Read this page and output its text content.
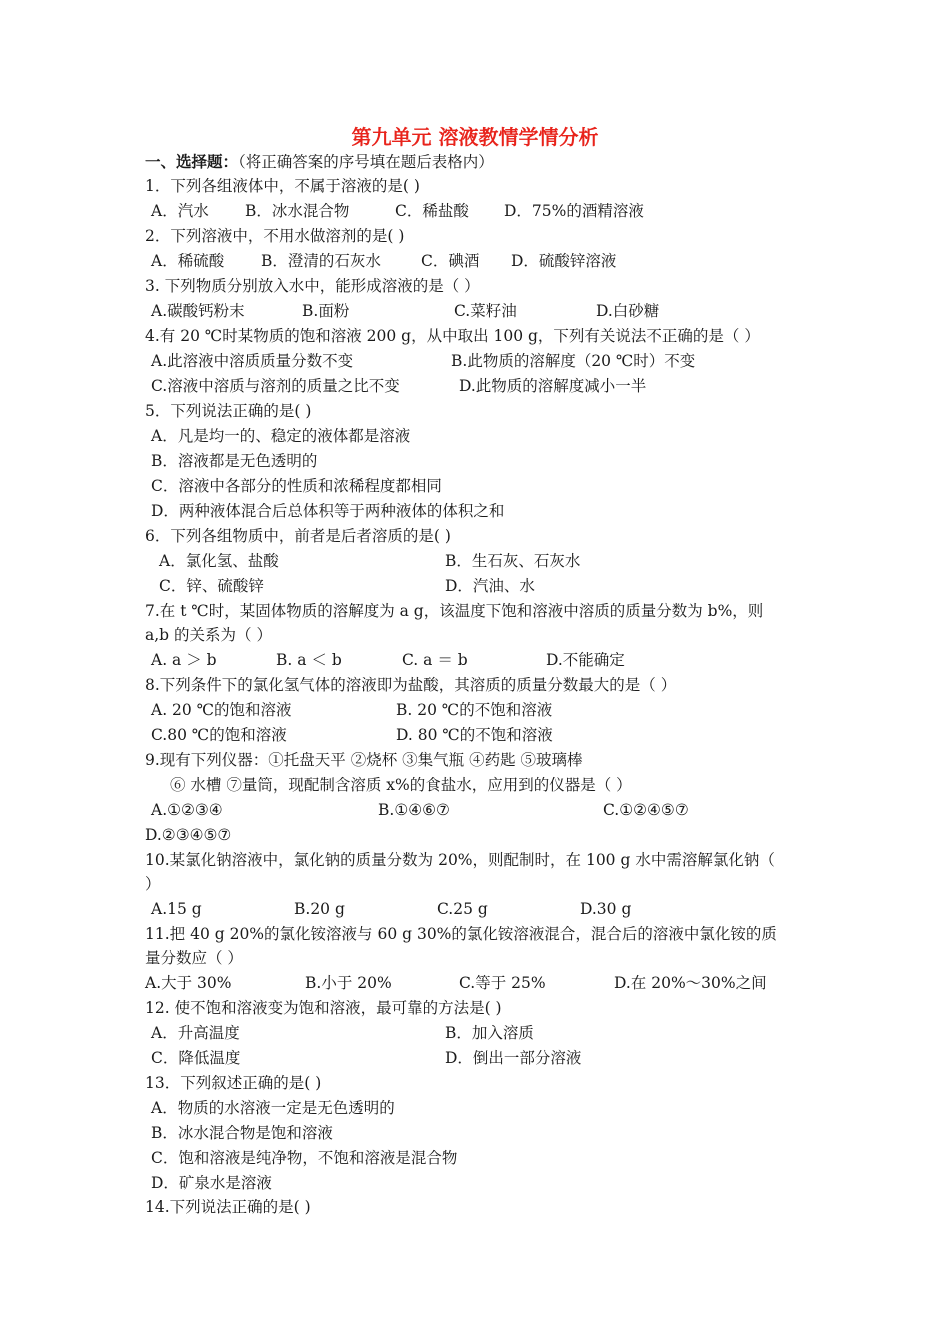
第九单元 溶液教情学情分析
一、选择题：（将正确答案的序号填在题后表格内）
1．下列各组液体中，不属于溶液的是( )
A．汽水 B．冰水混合物	C．稀盐酸 D．75%的酒精溶液
2．下列溶液中，不用水做溶剂的是( )
A．稀硫酸 B．澄清的石灰水	C．碘酒 D．硫酸锌溶液
3. 下列物质分别放入水中，能形成溶液的是（ ）
A.碳酸钙粉末	B.面粉	C.菜籽油	D.白砂糖
4.有 20 ℃时某物质的饱和溶液 200 g，从中取出 100 g，下列有关说法不正确的是（ ）
A.此溶液中溶质质量分数不变	B.此物质的溶解度（20 ℃时）不变
C.溶液中溶质与溶剂的质量之比不变	D.此物质的溶解度减小一半
5．下列说法正确的是( )
A．凡是均一的、稳定的液体都是溶液
B．溶液都是无色透明的
C．溶液中各部分的性质和浓稀程度都相同
D．两种液体混合后总体积等于两种液体的体积之和
6．下列各组物质中，前者是后者溶质的是( )
A．氯化氢、盐酸	B．生石灰、石灰水
C．锌、硫酸锌	D．汽油、水
7.在 t ℃时，某固体物质的溶解度为 a g，该温度下饱和溶液中溶质的质量分数为 b%，则
a,b 的关系为（ ）
A. a ＞ b	B. a ＜ b	C. a ＝ b	D.不能确定
8.下列条件下的氯化氢气体的溶液即为盐酸，其溶质的质量分数最大的是（ ）
A. 20 ℃的饱和溶液	B. 20 ℃的不饱和溶液
C.80 ℃的饱和溶液	D. 80 ℃的不饱和溶液
9.现有下列仪器：①托盘天平 ②烧杯 ③集气瓶 ④药匙 ⑤玻璃棒
⑥ 水槽 ⑦量筒，现配制含溶质 x%的食盐水，应用到的仪器是（ ）
A.①②③④	B.①④⑥⑦	C.①②④⑤⑦
D.②③④⑤⑦
10.某氯化钠溶液中，氯化钠的质量分数为 20%，则配制时，在 100 g 水中需溶解氯化钠（
）
A.15 g	B.20 g	C.25 g	D.30 g
11.把 40 g 20%的氯化铵溶液与 60 g 30%的氯化铵溶液混合，混合后的溶液中氯化铵的质
量分数应（ ）
A.大于 30%	B.小于 20%	C.等于 25%	D.在 20%～30%之间
12. 使不饱和溶液变为饱和溶液，最可靠的方法是( )
A．升高温度	B．加入溶质
C．降低温度	D．倒出一部分溶液
13．下列叙述正确的是( )
A．物质的水溶液一定是无色透明的
B．冰水混合物是饱和溶液
C．饱和溶液是纯净物，不饱和溶液是混合物
D．矿泉水是溶液
14.下列说法正确的是( )
